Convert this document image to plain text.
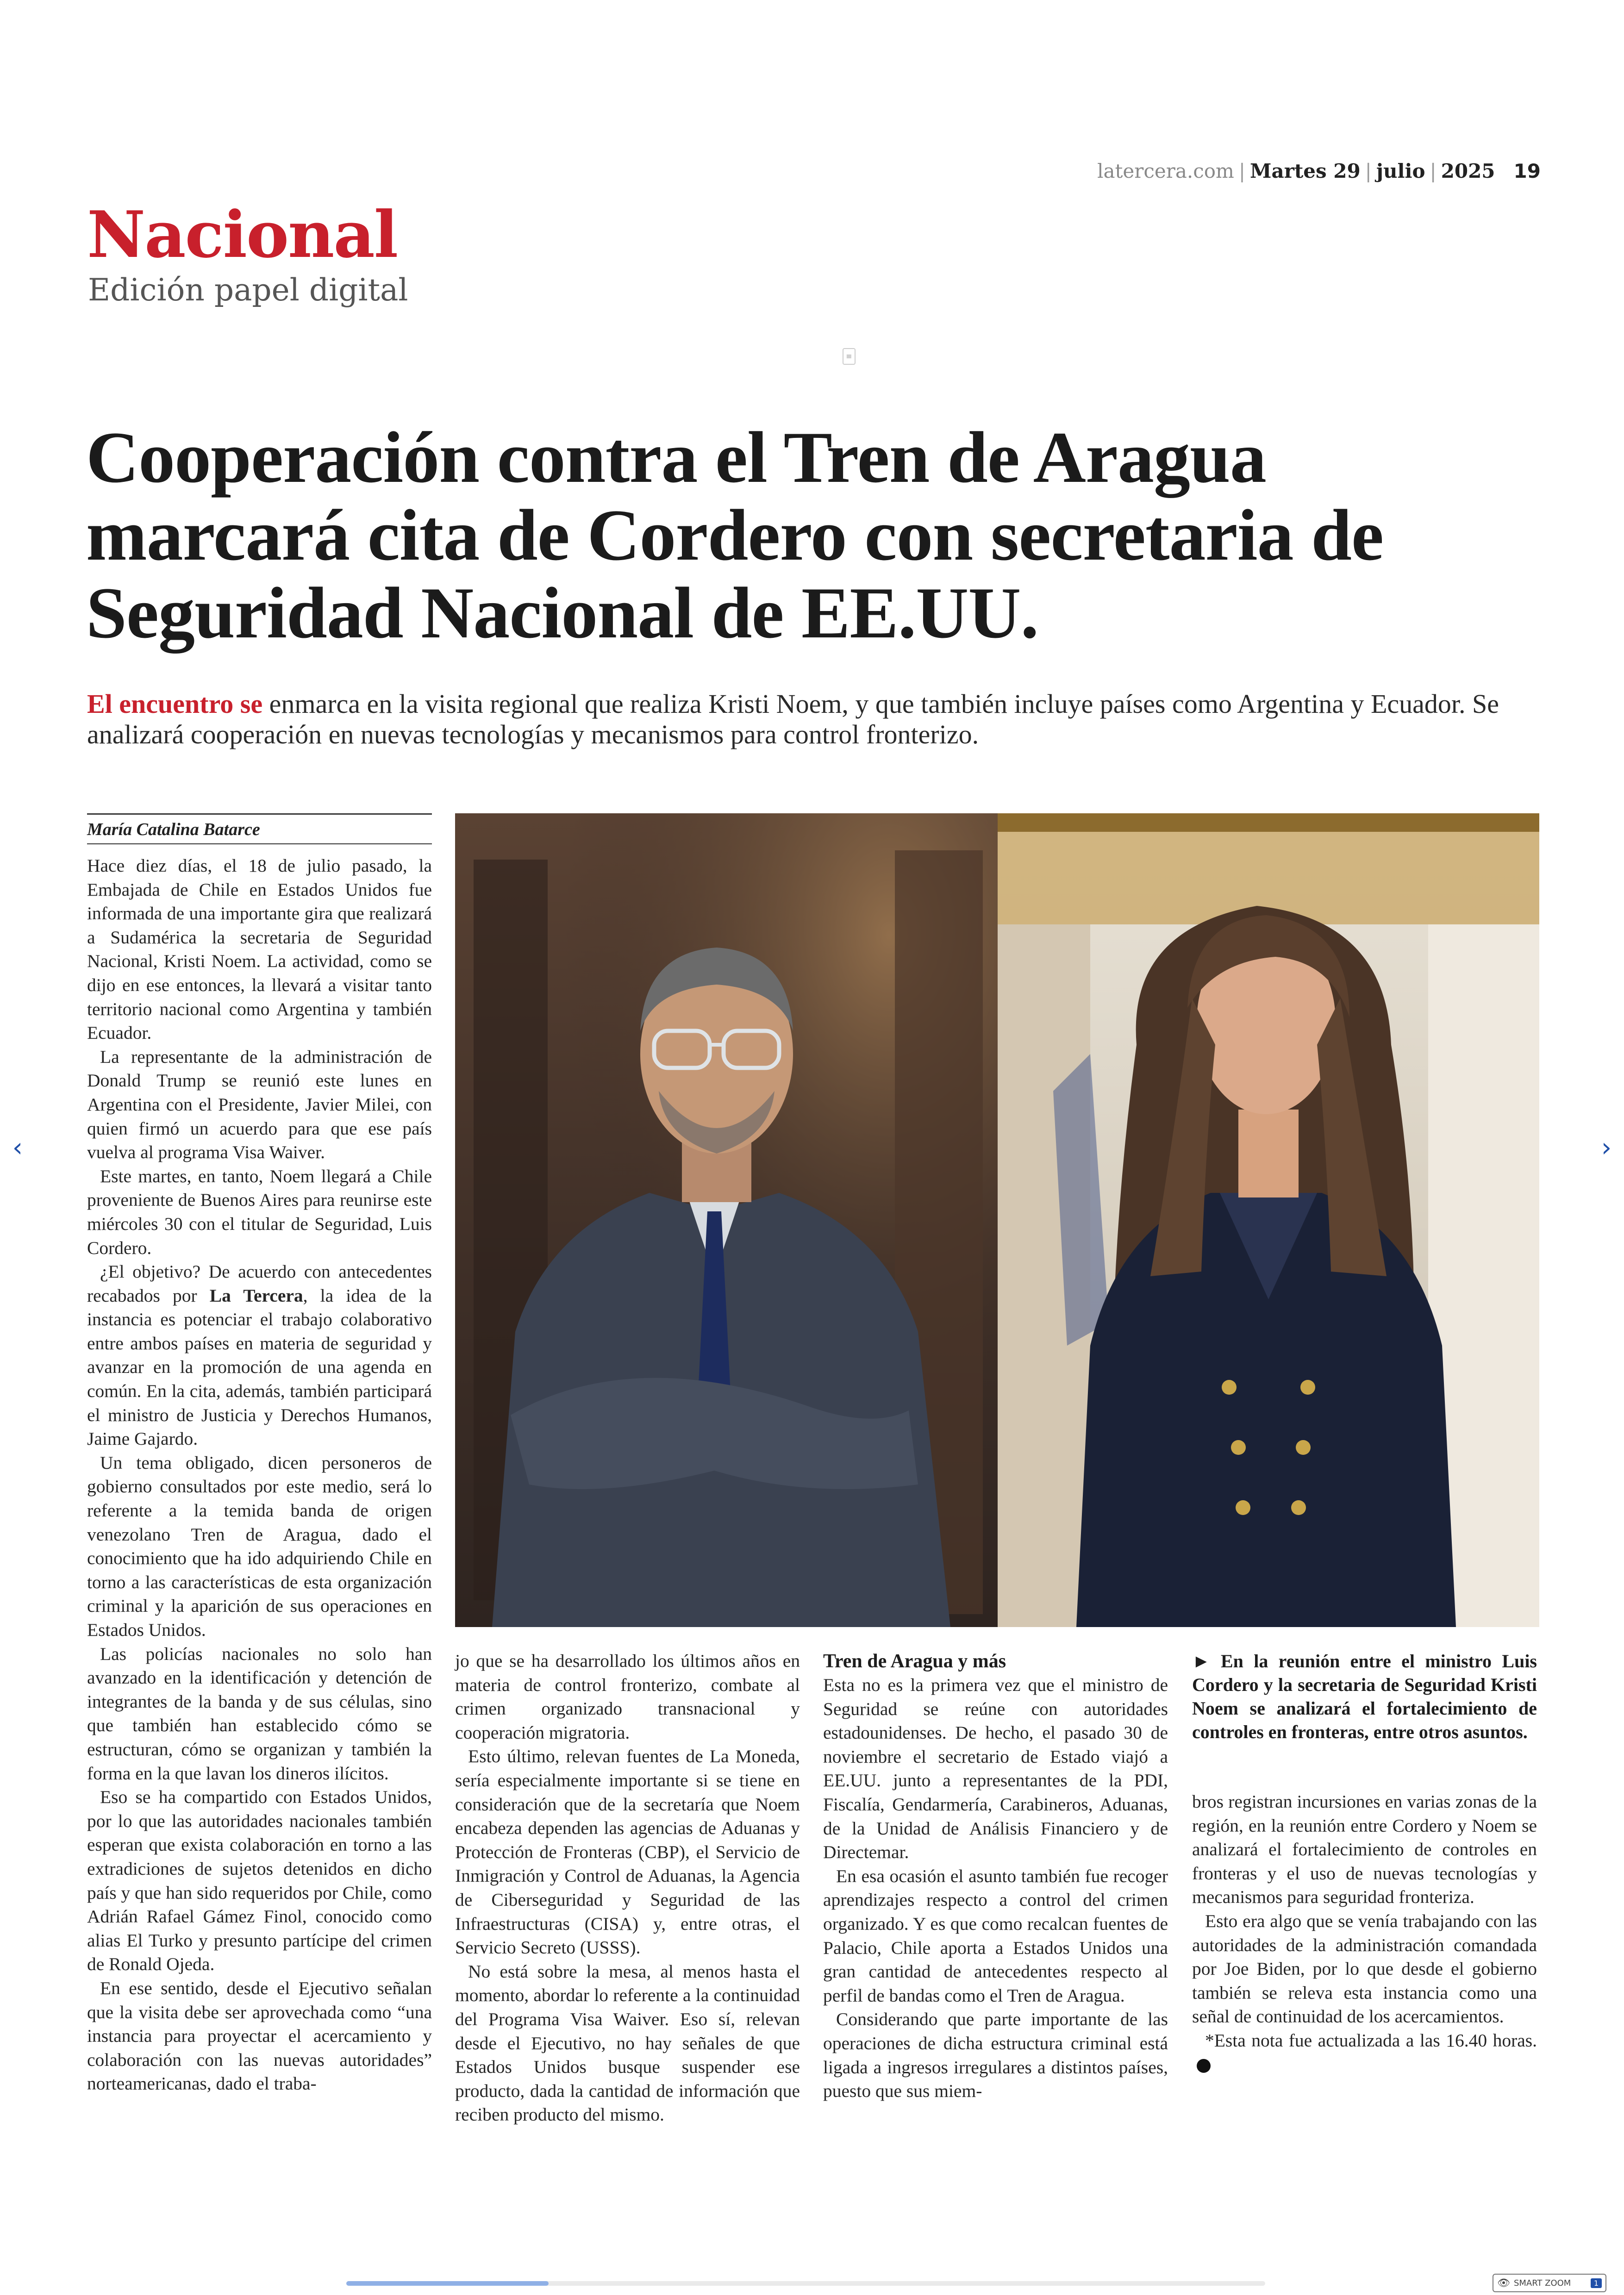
latercera.com | Martes 29 | julio | 2025 19
Nacional
Edición papel digital
≡
Cooperación contra el Tren de Aragua marcará cita de Cordero con secretaria de Seguridad Nacional de EE.UU.
El encuentro se enmarca en la visita regional que realiza Kristi Noem, y que también incluye países como Argentina y Ecuador. Se analizará cooperación en nuevas tecnologías y mecanismos para control fronterizo.
María Catalina Batarce

Hace diez días, el 18 de julio pasado, la Embajada de Chile en Estados Unidos fue informada de una importante gira que realizará a Sudamérica la secretaria de Seguridad Nacional, Kristi Noem. La actividad, como se dijo en ese entonces, la llevará a visitar tanto territorio nacional como Argentina y también Ecuador.

La representante de la administración de Donald Trump se reunió este lunes en Argentina con el Presidente, Javier Milei, con quien firmó un acuerdo para que ese país vuelva al programa Visa Waiver.

Este martes, en tanto, Noem llegará a Chile proveniente de Buenos Aires para reunirse este miércoles 30 con el titular de Seguridad, Luis Cordero.

¿El objetivo? De acuerdo con antecedentes recabados por La Tercera, la idea de la instancia es potenciar el trabajo colaborativo entre ambos países en materia de seguridad y avanzar en la promoción de una agenda en común. En la cita, además, también participará el ministro de Justicia y Derechos Humanos, Jaime Gajardo.

Un tema obligado, dicen personeros de gobierno consultados por este medio, será lo referente a la temida banda de origen venezolano Tren de Aragua, dado el conocimiento que ha ido adquiriendo Chile en torno a las características de esta organización criminal y la aparición de sus operaciones en Estados Unidos.

Las policías nacionales no solo han avanzado en la identificación y detención de integrantes de la banda y de sus células, sino que también han establecido cómo se estructuran, cómo se organizan y también la forma en la que lavan los dineros ilícitos.

Eso se ha compartido con Estados Unidos, por lo que las autoridades nacionales también esperan que exista colaboración en torno a las extradiciones de sujetos detenidos en dicho país y que han sido requeridos por Chile, como Adrián Rafael Gámez Finol, conocido como alias El Turko y presunto partícipe del crimen de Ronald Ojeda.

En ese sentido, desde el Ejecutivo señalan que la visita debe ser aprovechada como “una instancia para proyectar el acercamiento y colaboración con las nuevas autoridades” norteamericanas, dado el traba-

jo que se ha desarrollado los últimos años en materia de control fronterizo, combate al crimen organizado transnacional y cooperación migratoria.

Esto último, relevan fuentes de La Moneda, sería especialmente importante si se tiene en consideración que de la secretaría que Noem encabeza dependen las agencias de Aduanas y Protección de Fronteras (CBP), el Servicio de Inmigración y Control de Aduanas, la Agencia de Ciberseguridad y Seguridad de las Infraestructuras (CISA) y, entre otras, el Servicio Secreto (USSS).

No está sobre la mesa, al menos hasta el momento, abordar lo referente a la continuidad del Programa Visa Waiver. Eso sí, relevan desde el Ejecutivo, no hay señales de que Estados Unidos busque suspender ese producto, dada la cantidad de información que reciben producto del mismo.

Tren de Aragua y más

Esta no es la primera vez que el ministro de Seguridad se reúne con autoridades estadounidenses. De hecho, el pasado 30 de noviembre el secretario de Estado viajó a EE.UU. junto a representantes de la PDI, Fiscalía, Gendarmería, Carabineros, Aduanas, de la Unidad de Análisis Financiero y de Directemar.

En esa ocasión el asunto también fue recoger aprendizajes respecto a control del crimen organizado. Y es que como recalcan fuentes de Palacio, Chile aporta a Estados Unidos una gran cantidad de antecedentes respecto al perfil de bandas como el Tren de Aragua.

Considerando que parte importante de las operaciones de dicha estructura criminal está ligada a ingresos irregulares a distintos países, puesto que sus miem-

► En la reunión entre el ministro Luis Cordero y la secretaria de Seguridad Kristi Noem se analizará el fortalecimiento de controles en fronteras, entre otros asuntos.

bros registran incursiones en varias zonas de la región, en la reunión entre Cordero y Noem se analizará el fortalecimiento de controles en fronteras y el uso de nuevas tecnologías y mecanismos para seguridad fronteriza.

Esto era algo que se venía trabajando con las autoridades de la administración comandada por Joe Biden, por lo que desde el gobierno también se releva esta instancia como una señal de continuidad de los acercamientos.

*Esta nota fue actualizada a las 16.40 horas.

‹	›
👁 SMART ZOOM	1
